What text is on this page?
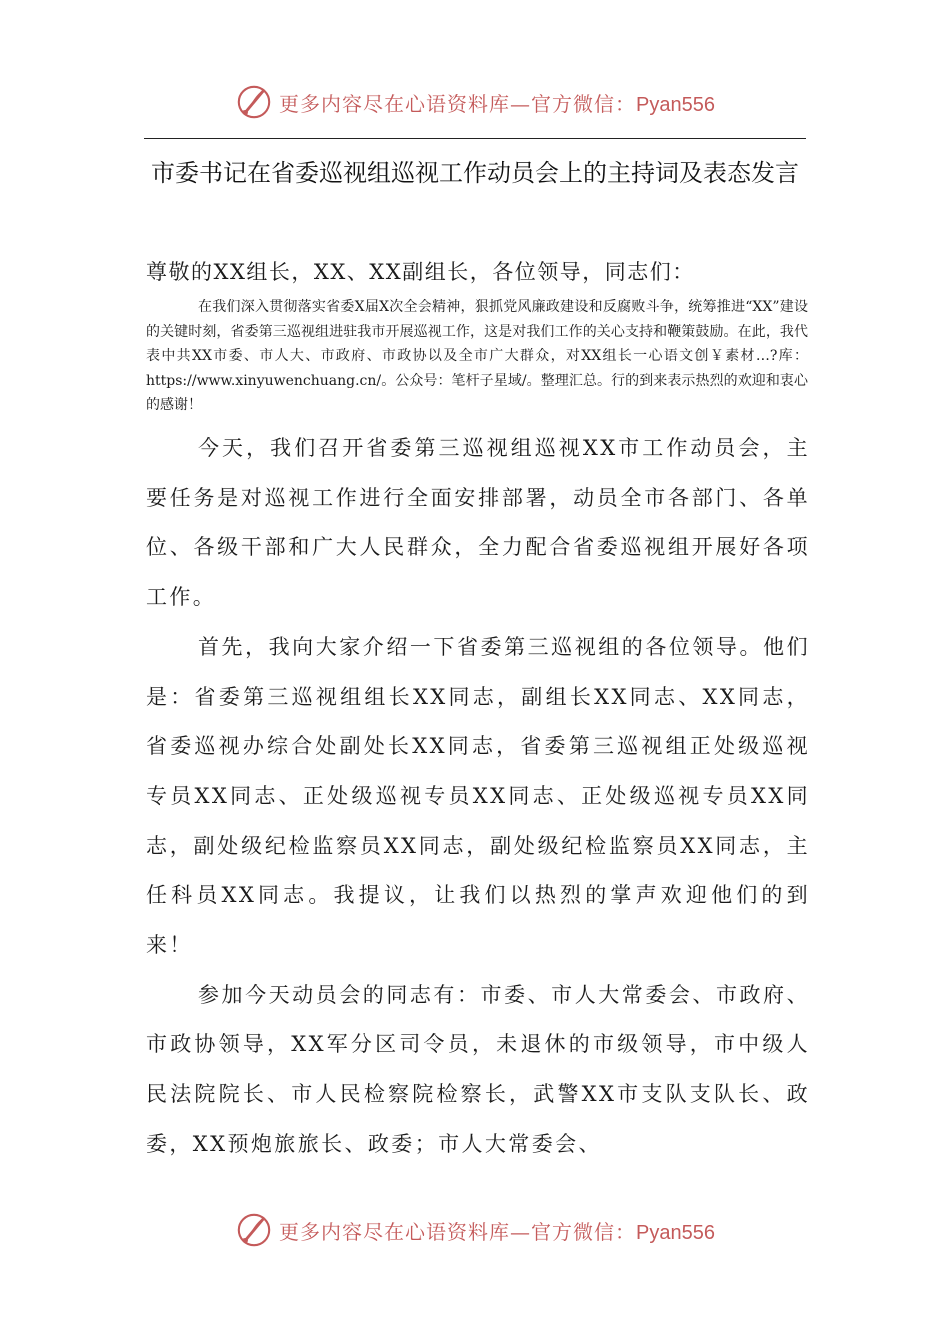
更多内容尽在心语资料库—官方微信：Pyan556
市委书记在省委巡视组巡视工作动员会上的主持词及表态发言

尊敬的XX组长，XX、XX副组长，各位领导，同志们：

在我们深入贯彻落实省委X届X次全会精神，狠抓党风廉政建设和反腐败斗争，统筹推进“XX”建设的关键时刻，省委第三巡视组进驻我市开展巡视工作，这是对我们工作的关心支持和鞭策鼓励。在此，我代表中共XX市委、市人大、市政府、市政协以及全市广大群众，对XX组长一心语文创￥素材…?库：https://www.xinyuwenchuang.cn/。公众号：笔杆子星域/。整理汇总。行的到来表示热烈的欢迎和衷心的感谢！

今天，我们召开省委第三巡视组巡视XX市工作动员会，主要任务是对巡视工作进行全面安排部署，动员全市各部门、各单位、各级干部和广大人民群众，全力配合省委巡视组开展好各项工作。

首先，我向大家介绍一下省委第三巡视组的各位领导。他们是：省委第三巡视组组长XX同志，副组长XX同志、XX同志，省委巡视办综合处副处长XX同志，省委第三巡视组正处级巡视专员XX同志、正处级巡视专员XX同志、正处级巡视专员XX同志，副处级纪检监察员XX同志，副处级纪检监察员XX同志，主任科员XX同志。我提议，让我们以热烈的掌声欢迎他们的到来！

参加今天动员会的同志有：市委、市人大常委会、市政府、市政协领导，XX军分区司令员，未退休的市级领导，市中级人民法院院长、市人民检察院检察长，武警XX市支队支队长、政委，XX预炮旅旅长、政委；市人大常委会、

更多内容尽在心语资料库—官方微信：Pyan556
